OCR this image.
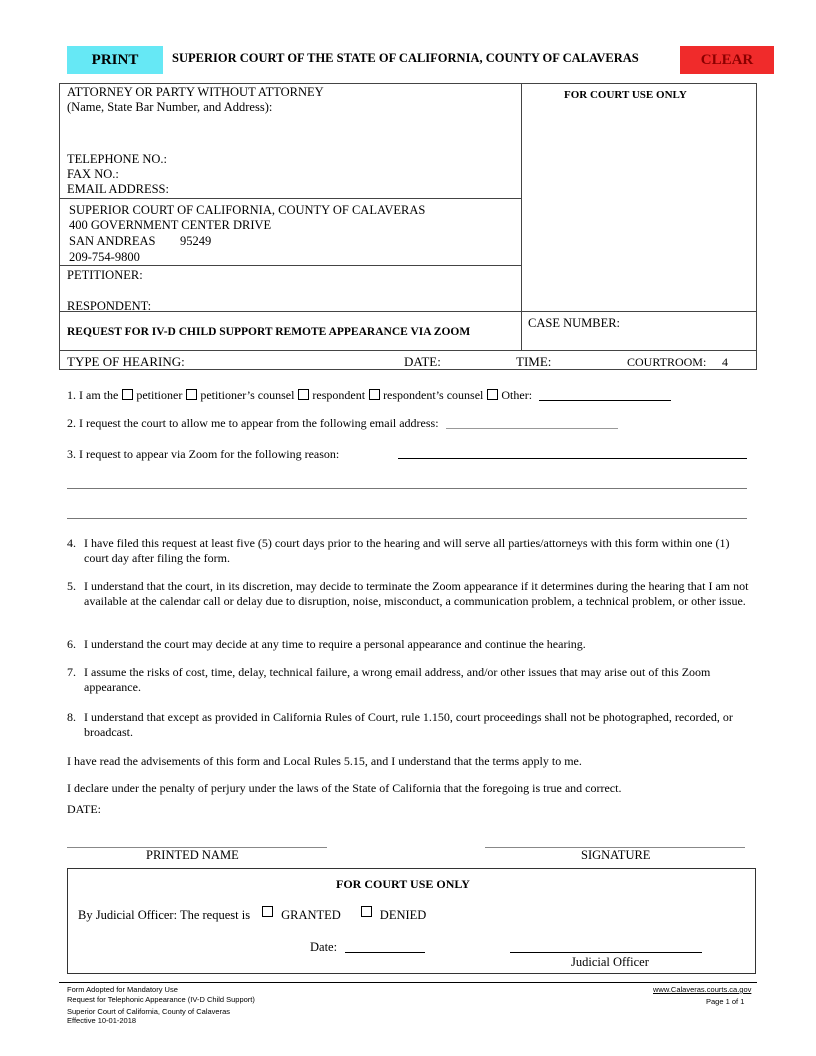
PRINT	SUPERIOR COURT OF THE STATE OF CALIFORNIA, COUNTY OF CALAVERAS	CLEAR
ATTORNEY OR PARTY WITHOUT ATTORNEY
(Name, State Bar Number, and Address):
TELEPHONE NO.:
FAX NO.:
EMAIL ADDRESS:
FOR COURT USE ONLY
SUPERIOR COURT OF CALIFORNIA, COUNTY OF CALAVERAS
400 GOVERNMENT CENTER DRIVE
SAN ANDREAS 95249
209-754-9800
PETITIONER:
RESPONDENT:
REQUEST FOR IV-D CHILD SUPPORT REMOTE APPEARANCE VIA ZOOM
CASE NUMBER:
TYPE OF HEARING:	DATE:	TIME:	COURTROOM: 4
1. I am the petitioner petitioner’s counsel respondent respondent’s counsel Other:
2. I request the court to allow me to appear from the following email address:
3. I request to appear via Zoom for the following reason:
4. I have filed this request at least five (5) court days prior to the hearing and will serve all parties/attorneys with this form within one (1) court day after filing the form.
5. I understand that the court, in its discretion, may decide to terminate the Zoom appearance if it determines during the hearing that I am not available at the calendar call or delay due to disruption, noise, misconduct, a communication problem, a technical problem, or other issue.
6. I understand the court may decide at any time to require a personal appearance and continue the hearing.
7. I assume the risks of cost, time, delay, technical failure, a wrong email address, and/or other issues that may arise out of this Zoom appearance.
8. I understand that except as provided in California Rules of Court, rule 1.150, court proceedings shall not be photographed, recorded, or broadcast.
I have read the advisements of this form and Local Rules 5.15, and I understand that the terms apply to me.
I declare under the penalty of perjury under the laws of the State of California that the foregoing is true and correct.
DATE:
PRINTED NAME	SIGNATURE
FOR COURT USE ONLY
By Judicial Officer: The request is GRANTED	DENIED
Date:
Judicial Officer
Form Adopted for Mandatory Use
Request for Telephonic Appearance (IV-D Child Support)
Superior Court of California, County of Calaveras
Effective 10-01-2018
www.Calaveras.courts.ca.gov
Page 1 of 1
